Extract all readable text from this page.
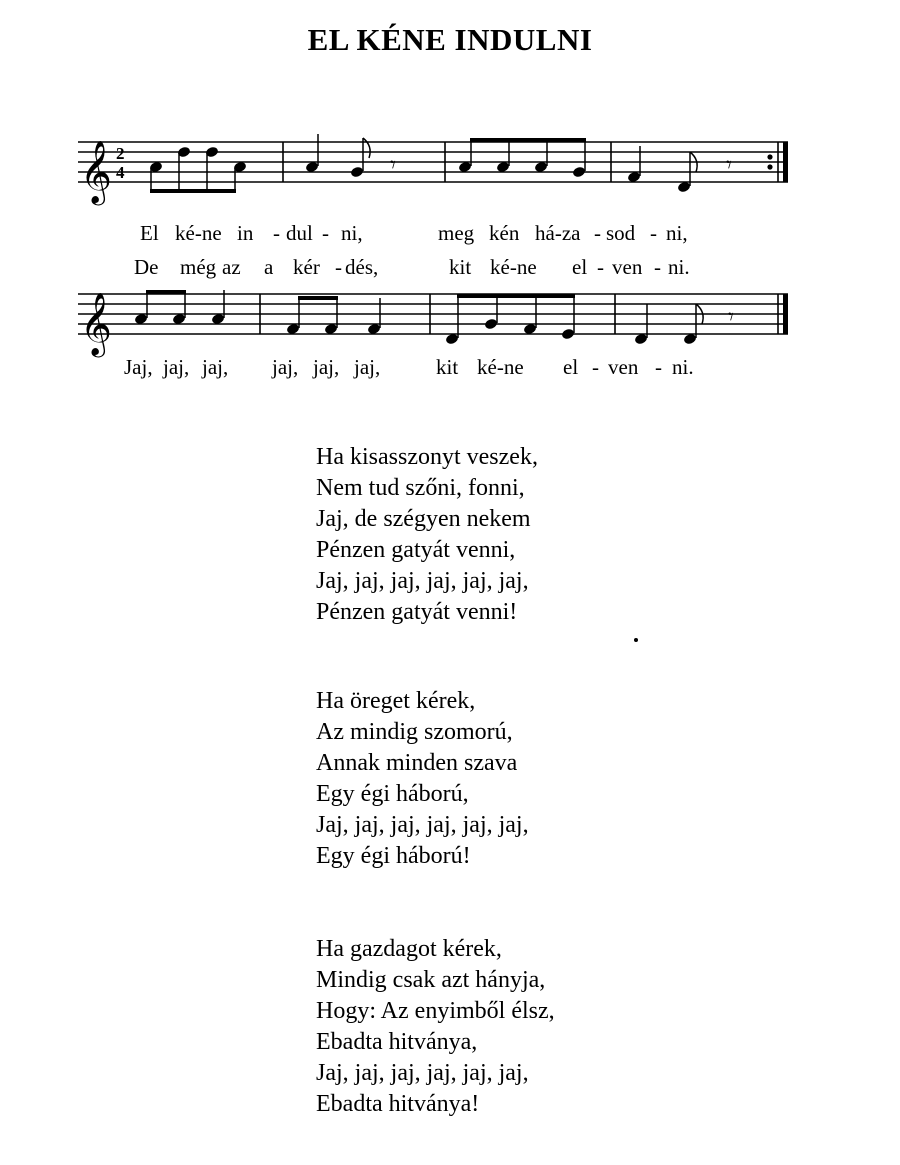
EL KÉNE INDULNI
𝄞 2
4	𝄾	𝄾
El ké-ne in - dul - ni,	meg kén há-za - sod - ni,
De még az a kér - dés,	kit ké-ne el - ven - ni.
𝄞	𝄾
Jaj, jaj, jaj, jaj, jaj, jaj,	kit ké-ne el - ven - ni.
Ha kisasszonyt veszek,
Nem tud szőni, fonni,
Jaj, de szégyen nekem
Pénzen gatyát venni,
Jaj, jaj, jaj, jaj, jaj, jaj,
Pénzen gatyát venni!
Ha öreget kérek,
Az mindig szomorú,
Annak minden szava
Egy égi háború,
Jaj, jaj, jaj, jaj, jaj, jaj,
Egy égi háború!
Ha gazdagot kérek,
Mindig csak azt hányja,
Hogy: Az enyimből élsz,
Ebadta hitványa,
Jaj, jaj, jaj, jaj, jaj, jaj,
Ebadta hitványa!
